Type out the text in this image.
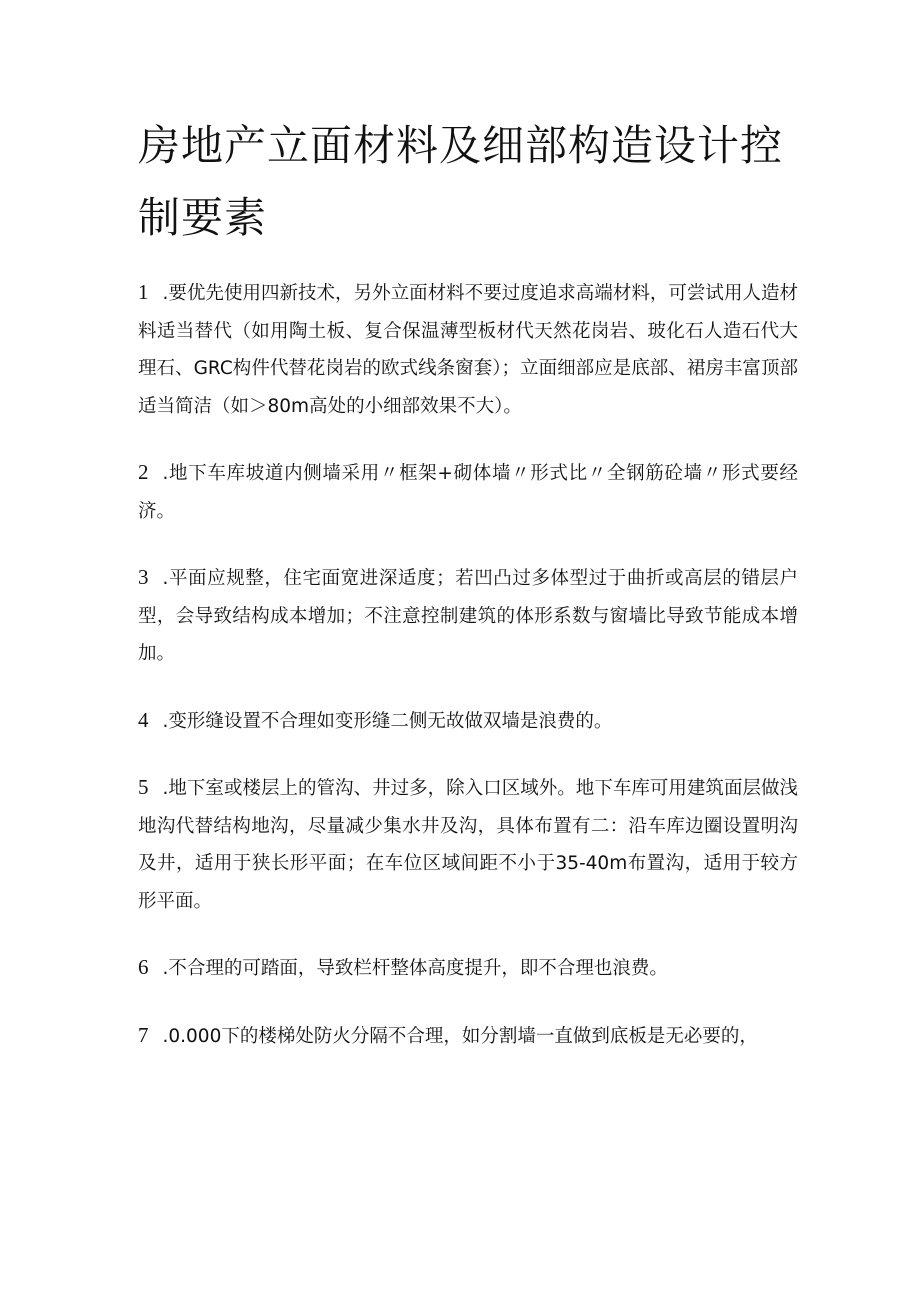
房地产立面材料及细部构造设计控制要素

1 .要优先使用四新技术，另外立面材料不要过度追求高端材料，可尝试用人造材料适当替代（如用陶土板、复合保温薄型板材代天然花岗岩、玻化石人造石代大理石、GRC构件代替花岗岩的欧式线条窗套）；立面细部应是底部、裙房丰富顶部适当简洁（如＞80m高处的小细部效果不大）。

2 .地下车库坡道内侧墙采用〃框架+砌体墙〃形式比〃全钢筋砼墙〃形式要经济。

3 .平面应规整，住宅面宽进深适度；若凹凸过多体型过于曲折或高层的错层户型，会导致结构成本增加；不注意控制建筑的体形系数与窗墙比导致节能成本增加。

4 .变形缝设置不合理如变形缝二侧无故做双墙是浪费的。

5 .地下室或楼层上的管沟、井过多，除入口区域外。地下车库可用建筑面层做浅地沟代替结构地沟，尽量减少集水井及沟，具体布置有二：沿车库边圈设置明沟及井，适用于狭长形平面；在车位区域间距不小于35-40m布置沟，适用于较方形平面。

6 .不合理的可踏面，导致栏杆整体高度提升，即不合理也浪费。

7 .0.000下的楼梯处防火分隔不合理，如分割墙一直做到底板是无必要的，
